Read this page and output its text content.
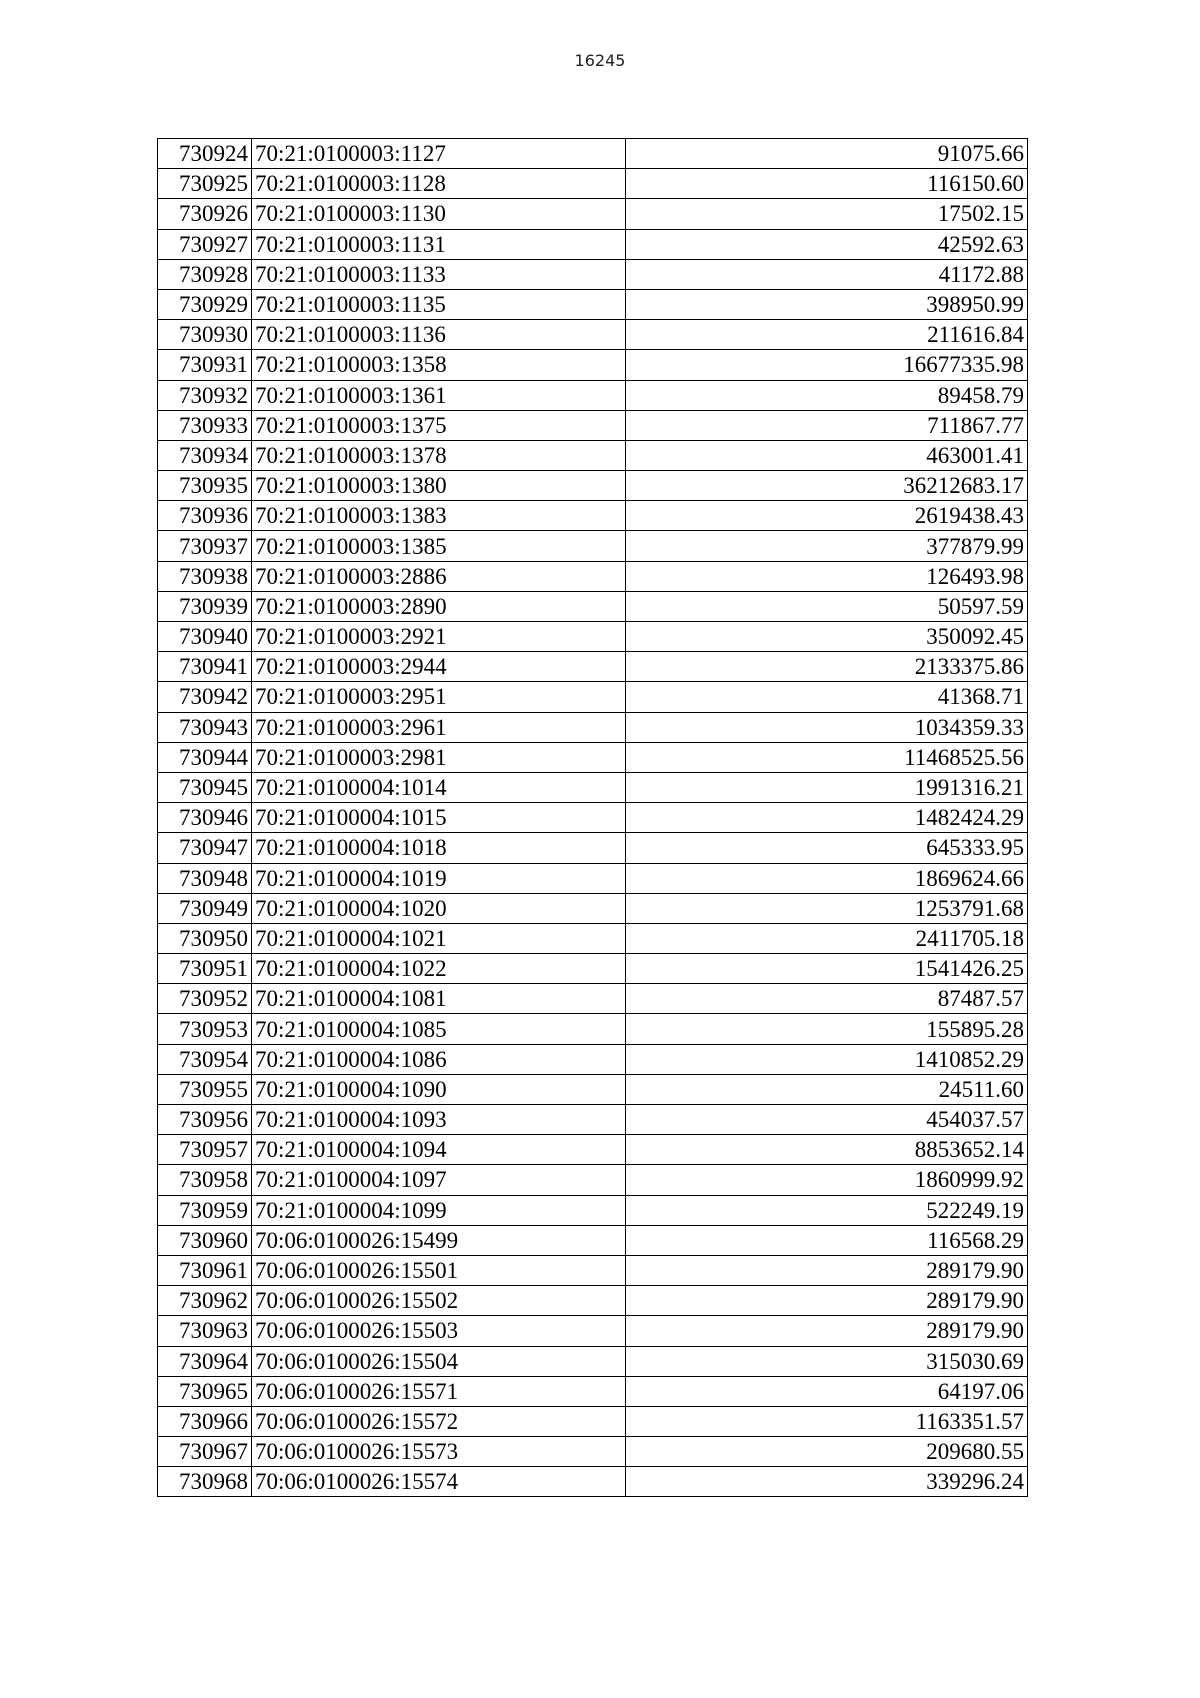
16245
730924	70:21:0100003:1127	91075.66
730925	70:21:0100003:1128	116150.60
730926	70:21:0100003:1130	17502.15
730927	70:21:0100003:1131	42592.63
730928	70:21:0100003:1133	41172.88
730929	70:21:0100003:1135	398950.99
730930	70:21:0100003:1136	211616.84
730931	70:21:0100003:1358	16677335.98
730932	70:21:0100003:1361	89458.79
730933	70:21:0100003:1375	711867.77
730934	70:21:0100003:1378	463001.41
730935	70:21:0100003:1380	36212683.17
730936	70:21:0100003:1383	2619438.43
730937	70:21:0100003:1385	377879.99
730938	70:21:0100003:2886	126493.98
730939	70:21:0100003:2890	50597.59
730940	70:21:0100003:2921	350092.45
730941	70:21:0100003:2944	2133375.86
730942	70:21:0100003:2951	41368.71
730943	70:21:0100003:2961	1034359.33
730944	70:21:0100003:2981	11468525.56
730945	70:21:0100004:1014	1991316.21
730946	70:21:0100004:1015	1482424.29
730947	70:21:0100004:1018	645333.95
730948	70:21:0100004:1019	1869624.66
730949	70:21:0100004:1020	1253791.68
730950	70:21:0100004:1021	2411705.18
730951	70:21:0100004:1022	1541426.25
730952	70:21:0100004:1081	87487.57
730953	70:21:0100004:1085	155895.28
730954	70:21:0100004:1086	1410852.29
730955	70:21:0100004:1090	24511.60
730956	70:21:0100004:1093	454037.57
730957	70:21:0100004:1094	8853652.14
730958	70:21:0100004:1097	1860999.92
730959	70:21:0100004:1099	522249.19
730960	70:06:0100026:15499	116568.29
730961	70:06:0100026:15501	289179.90
730962	70:06:0100026:15502	289179.90
730963	70:06:0100026:15503	289179.90
730964	70:06:0100026:15504	315030.69
730965	70:06:0100026:15571	64197.06
730966	70:06:0100026:15572	1163351.57
730967	70:06:0100026:15573	209680.55
730968	70:06:0100026:15574	339296.24
